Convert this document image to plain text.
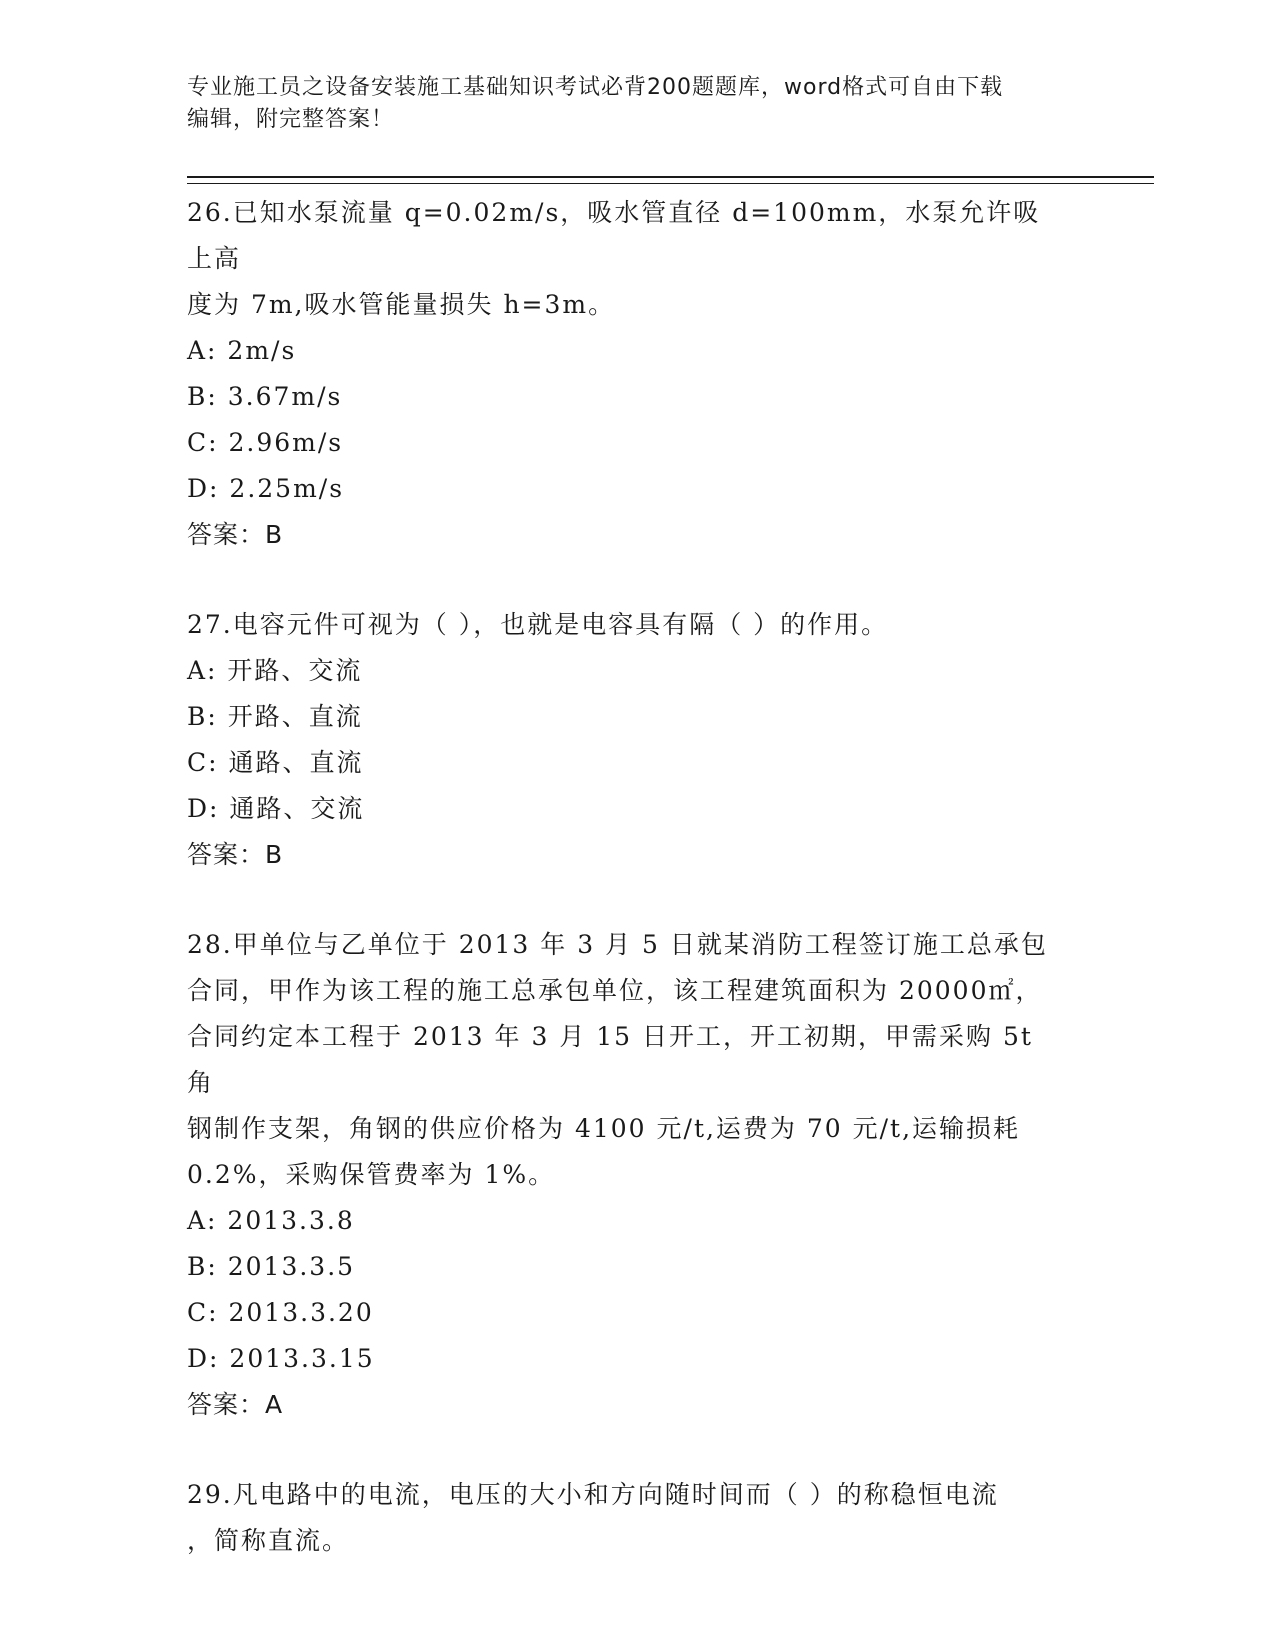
专业施工员之设备安装施工基础知识考试必背200题题库，word格式可自由下载
编辑，附完整答案！

26.已知水泵流量 q=0.02m/s，吸水管直径 d=100mm，水泵允许吸上高

度为 7m,吸水管能量损失 h=3m。

A: 2m/s

B: 3.67m/s

C: 2.96m/s

D: 2.25m/s

答案：B

27.电容元件可视为（ ），也就是电容具有隔（ ）的作用。

A: 开路、交流

B: 开路、直流

C: 通路、直流

D: 通路、交流

答案：B

28.甲单位与乙单位于 2013 年 3 月 5 日就某消防工程签订施工总承包

合同，甲作为该工程的施工总承包单位，该工程建筑面积为 20000㎡，

合同约定本工程于 2013 年 3 月 15 日开工，开工初期，甲需采购 5t 角

钢制作支架，角钢的供应价格为 4100 元/t,运费为 70 元/t,运输损耗

0.2%，采购保管费率为 1%。

A: 2013.3.8

B: 2013.3.5

C: 2013.3.20

D: 2013.3.15

答案：A

29.凡电路中的电流，电压的大小和方向随时间而（ ）的称稳恒电流

，简称直流。
